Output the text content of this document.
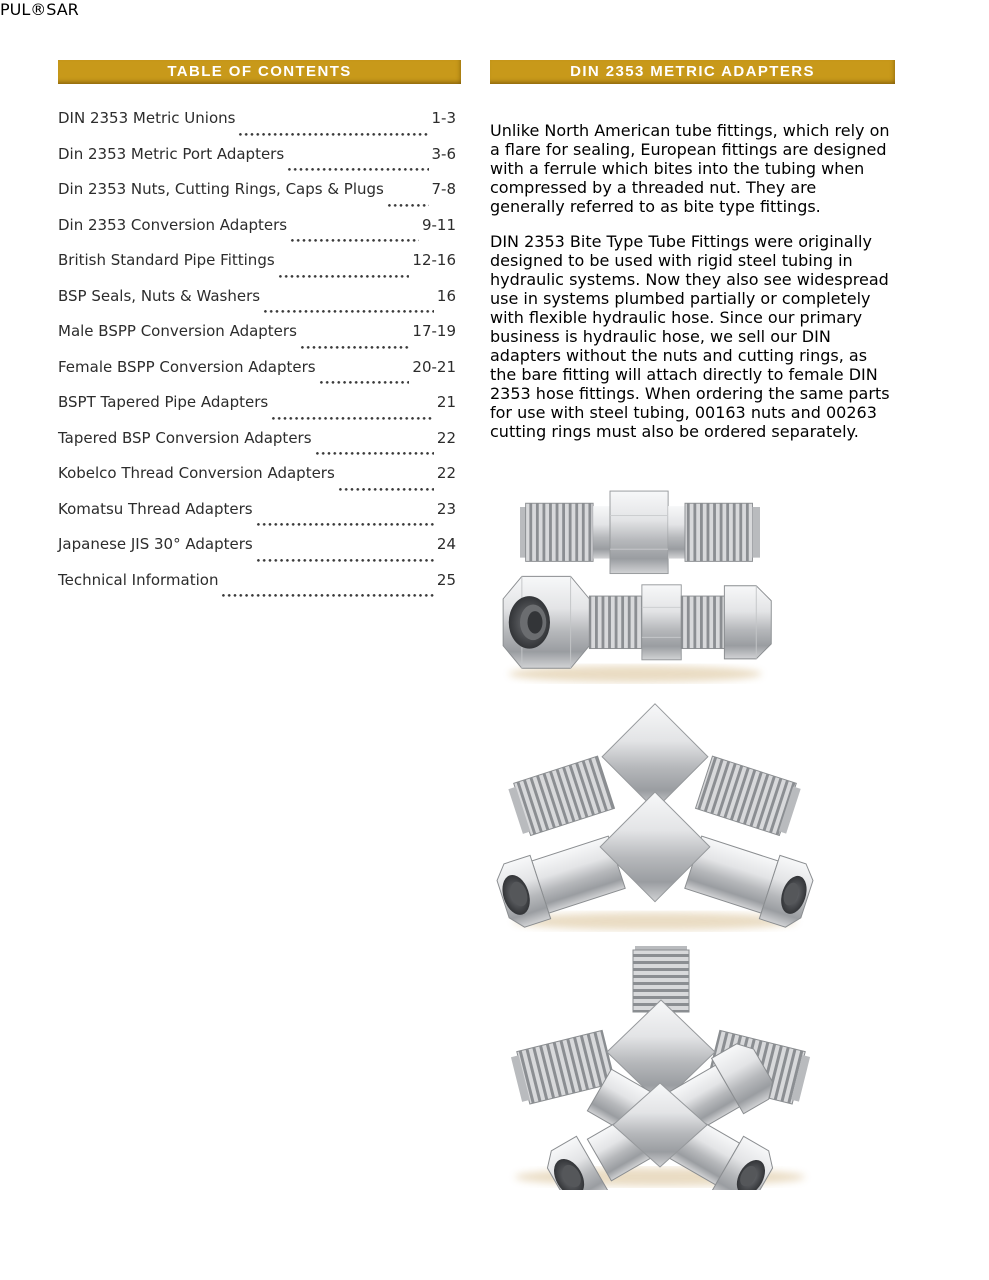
TABLE OF CONTENTS
DIN 2353 Metric Unions	1-3
Din 2353 Metric Port Adapters	3-6
Din 2353 Nuts, Cutting Rings, Caps & Plugs	7-8
Din 2353 Conversion Adapters	9-11
British Standard Pipe Fittings	12-16
BSP Seals, Nuts & Washers	16
Male BSPP Conversion Adapters	17-19
Female BSPP Conversion Adapters	20-21
BSPT Tapered Pipe Adapters	21
Tapered BSP Conversion Adapters	22
Kobelco Thread Conversion Adapters	22
Komatsu Thread Adapters	23
Japanese JIS 30° Adapters	24
Technical Information	25
DIN 2353 METRIC ADAPTERS

Unlike North American tube fittings, which rely on a flare for sealing, European fittings are designed with a ferrule which bites into the tubing when compressed by a threaded nut. They are generally referred to as bite type fittings.

DIN 2353 Bite Type Tube Fittings were originally designed to be used with rigid steel tubing in hydraulic systems. Now they also see widespread use in systems plumbed partially or completely with flexible hydraulic hose. Since our primary business is hydraulic hose, we sell our DIN adapters without the nuts and cutting rings, as the bare fitting will attach directly to female DIN 2353 hose fittings. When ordering the same parts for use with steel tubing, 00163 nuts and 00263 cutting rings must also be ordered separately.

PUL®SAR
